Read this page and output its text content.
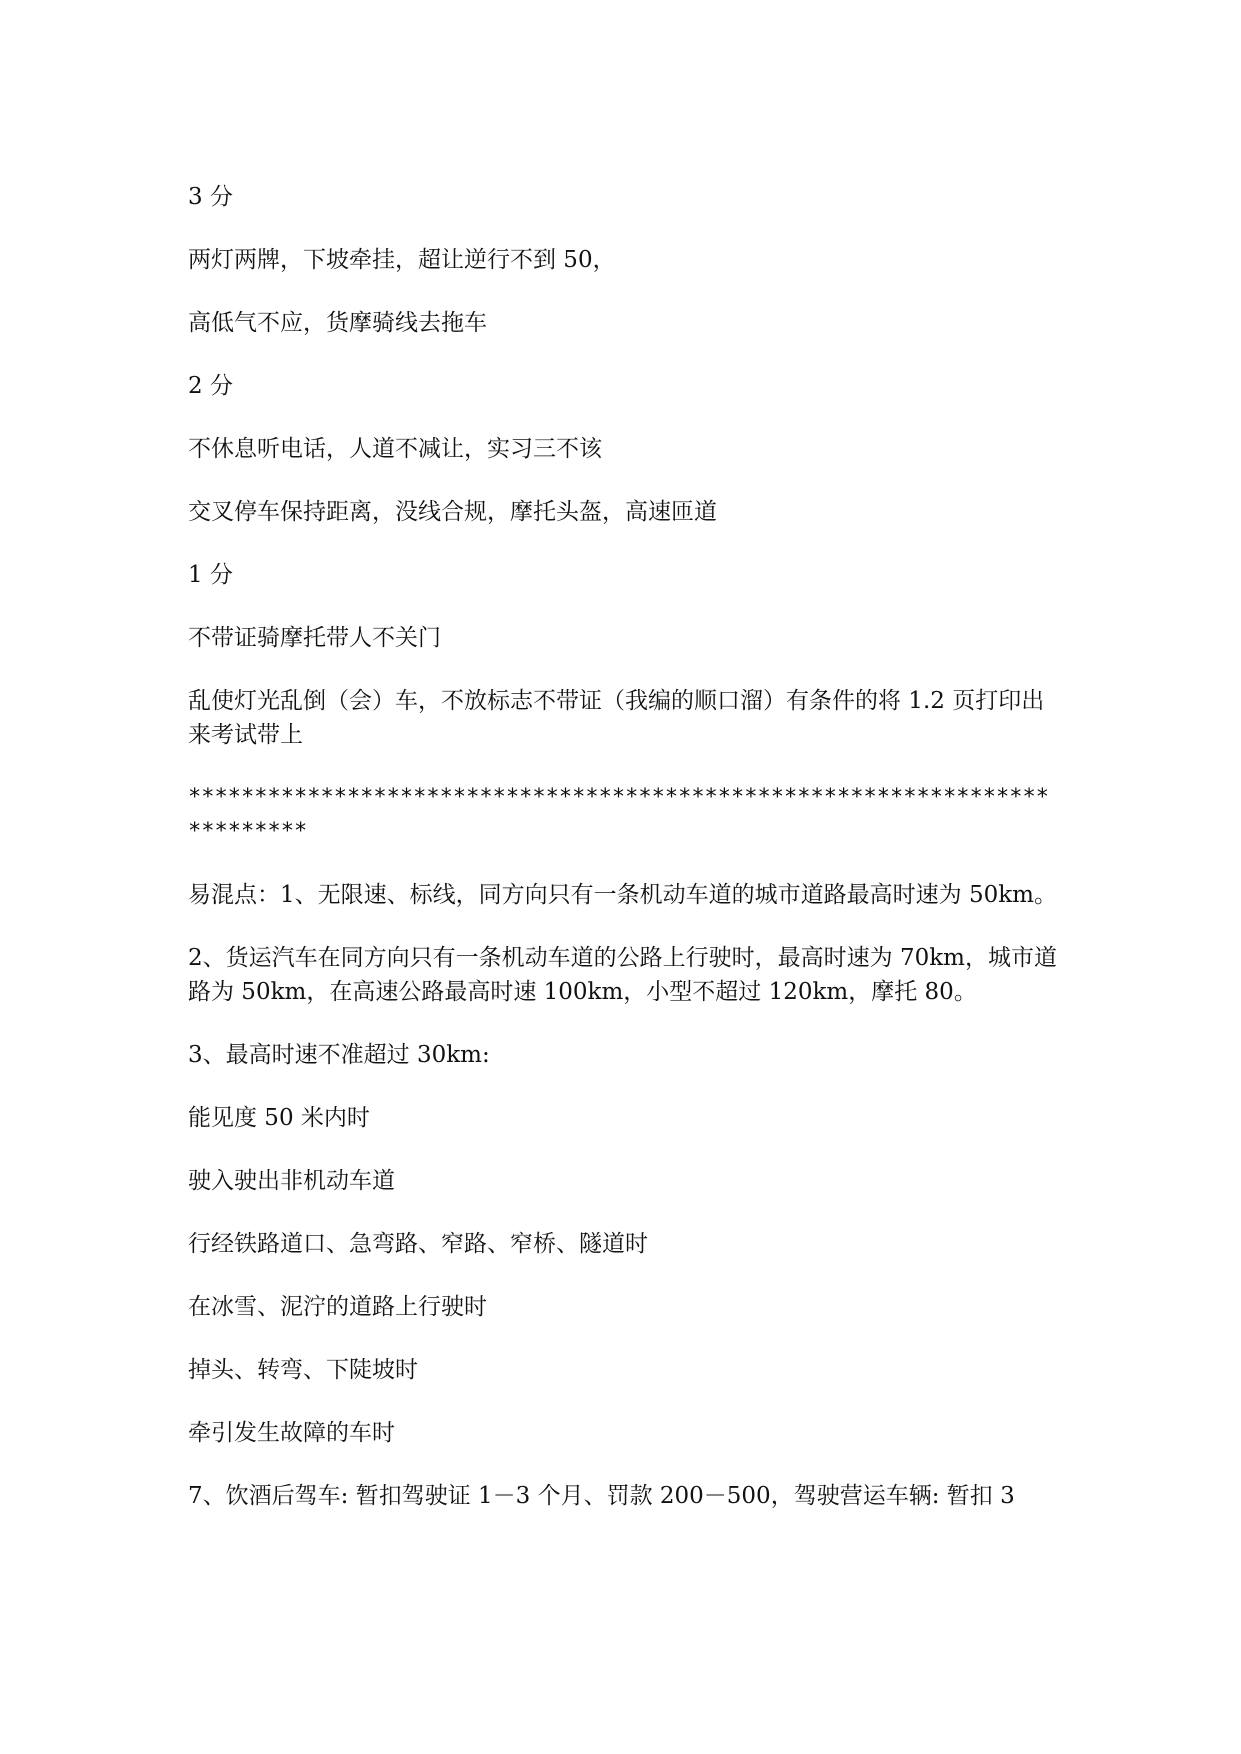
3 分

两灯两牌，下坡牵挂，超让逆行不到 50，

高低气不应，货摩骑线去拖车

2 分

不休息听电话，人道不减让，实习三不该

交叉停车保持距离，没线合规，摩托头盔，高速匝道

1 分

不带证骑摩托带人不关门

乱使灯光乱倒（会）车，不放标志不带证（我编的顺口溜）有条件的将 1.2 页打印出来考试带上

**************************************************************************

易混点：1、无限速、标线，同方向只有一条机动车道的城市道路最高时速为 50km。

2、货运汽车在同方向只有一条机动车道的公路上行驶时，最高时速为 70km，城市道路为 50km，在高速公路最高时速 100km，小型不超过 120km，摩托 80。

3、最高时速不准超过 30km:

能见度 50 米内时

驶入驶出非机动车道

行经铁路道口、急弯路、窄路、窄桥、隧道时

在冰雪、泥泞的道路上行驶时

掉头、转弯、下陡坡时

牵引发生故障的车时

7、饮酒后驾车: 暂扣驾驶证 1－3 个月、罚款 200－500，驾驶营运车辆: 暂扣 3
